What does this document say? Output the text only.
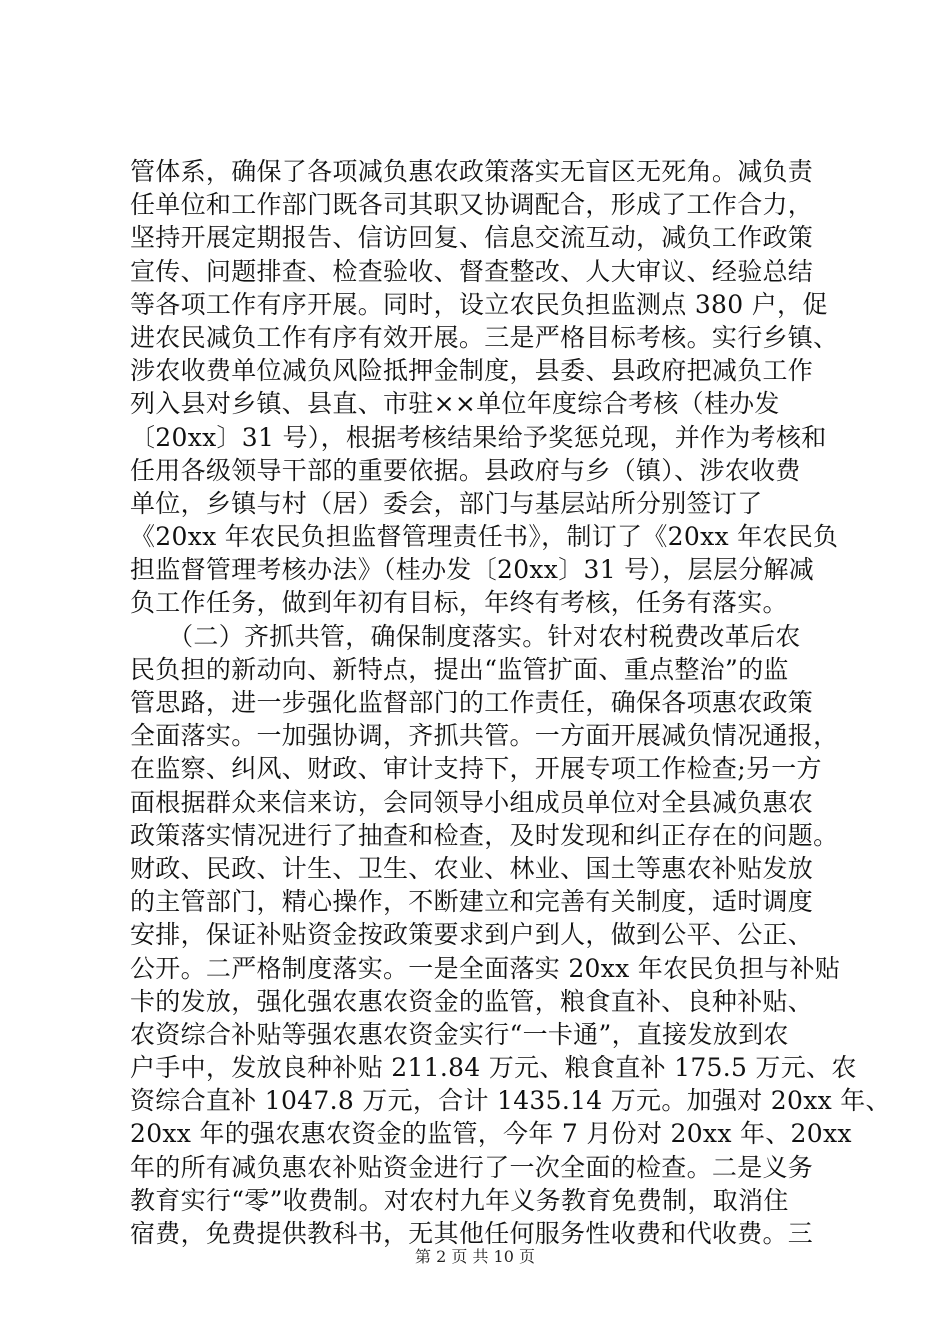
管体系，确保了各项减负惠农政策落实无盲区无死角。减负责
任单位和工作部门既各司其职又协调配合，形成了工作合力，
坚持开展定期报告、信访回复、信息交流互动，减负工作政策
宣传、问题排查、检查验收、督查整改、人大审议、经验总结
等各项工作有序开展。同时，设立农民负担监测点 380 户，促
进农民减负工作有序有效开展。三是严格目标考核。实行乡镇、
涉农收费单位减负风险抵押金制度，县委、县政府把减负工作
列入县对乡镇、县直、市驻××单位年度综合考核（桂办发
〔20xx〕31 号），根据考核结果给予奖惩兑现，并作为考核和
任用各级领导干部的重要依据。县政府与乡（镇）、涉农收费
单位，乡镇与村（居）委会，部门与基层站所分别签订了
《20xx 年农民负担监督管理责任书》，制订了《20xx 年农民负
担监督管理考核办法》（桂办发〔20xx〕31 号），层层分解减
负工作任务，做到年初有目标，年终有考核，任务有落实。
　　（二）齐抓共管，确保制度落实。针对农村税费改革后农
民负担的新动向、新特点，提出“监管扩面、重点整治”的监
管思路，进一步强化监督部门的工作责任，确保各项惠农政策
全面落实。一加强协调，齐抓共管。一方面开展减负情况通报，
在监察、纠风、财政、审计支持下，开展专项工作检查;另一方
面根据群众来信来访，会同领导小组成员单位对全县减负惠农
政策落实情况进行了抽查和检查，及时发现和纠正存在的问题。
财政、民政、计生、卫生、农业、林业、国土等惠农补贴发放
的主管部门，精心操作，不断建立和完善有关制度，适时调度
安排，保证补贴资金按政策要求到户到人，做到公平、公正、
公开。二严格制度落实。一是全面落实 20xx 年农民负担与补贴
卡的发放，强化强农惠农资金的监管，粮食直补、良种补贴、
农资综合补贴等强农惠农资金实行“一卡通”，直接发放到农
户手中，发放良种补贴 211.84 万元、粮食直补 175.5 万元、农
资综合直补 1047.8 万元，合计 1435.14 万元。加强对 20xx 年、
20xx 年的强农惠农资金的监管，今年 7 月份对 20xx 年、20xx
年的所有减负惠农补贴资金进行了一次全面的检查。二是义务
教育实行“零”收费制。对农村九年义务教育免费制，取消住
宿费，免费提供教科书，无其他任何服务性收费和代收费。三
第 2 页 共 10 页
